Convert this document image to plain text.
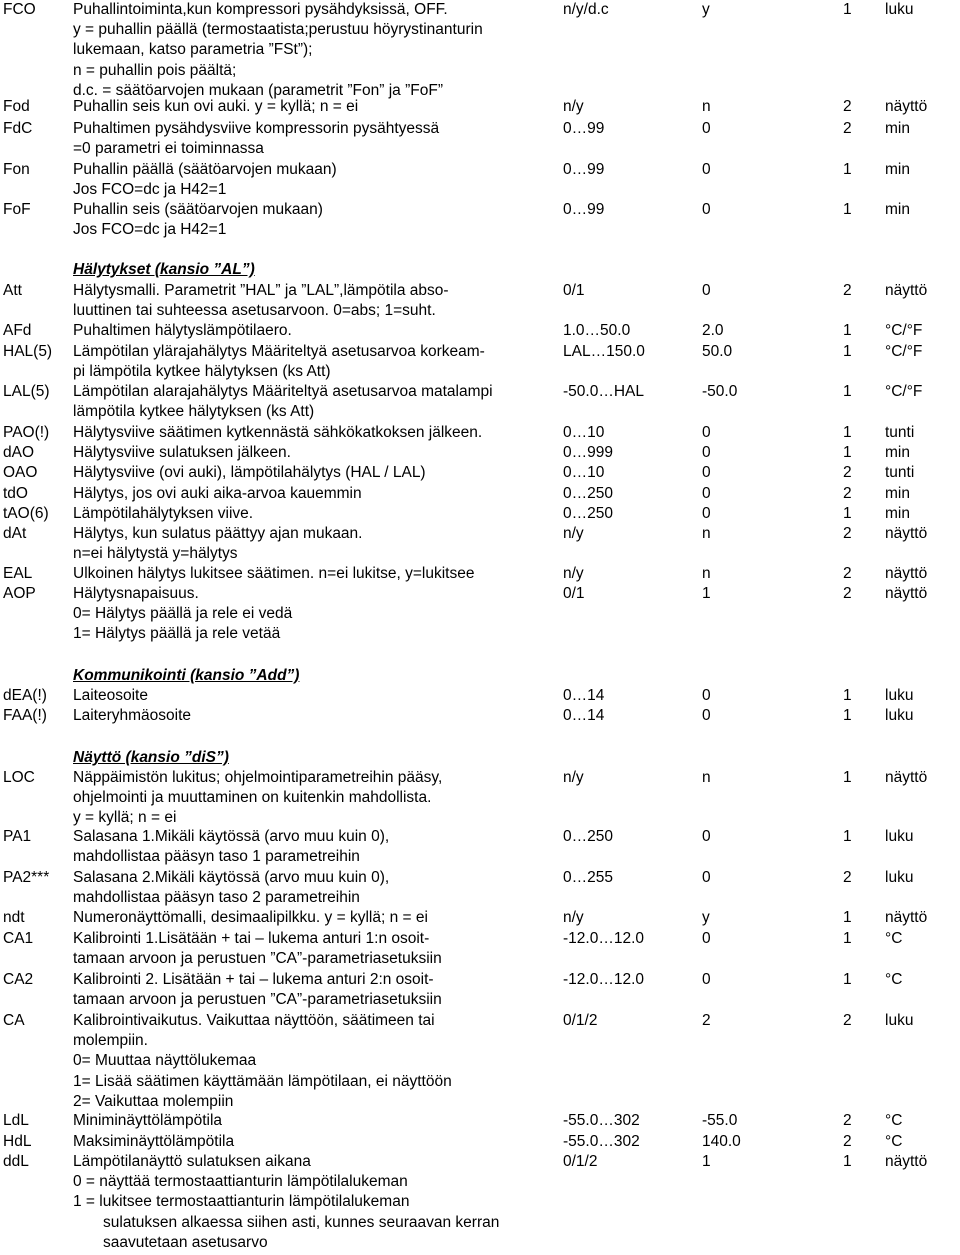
FCO Puhallintoiminta,kun kompressori pysähdyksissä, OFF.
y = puhallin päällä (termostaatista;perustuu höyrystinanturin
lukemaan, katso parametria ”FSt”);
n = puhallin pois päältä;
d.c. = säätöarvojen mukaan (parametrit ”Fon” ja ”FoF”
n/y/d.c	y	1 luku
Fod	Puhallin seis kun ovi auki. y = kyllä; n = ei	n/y	n	2 näyttö
FdC	Puhaltimen pysähdysviive kompressorin pysähtyessä
=0 parametri ei toiminnassa
0…99	0	2 min
Fon	Puhallin päällä (säätöarvojen mukaan)
Jos FCO=dc ja H42=1
0…99	0	1 min
FoF	Puhallin seis (säätöarvojen mukaan)
Jos FCO=dc ja H42=1
0…99	0	1 min
Att	Hälytysmalli. Parametrit ”HAL” ja ”LAL”,lämpötila abso-
luuttinen tai suhteessa asetusarvoon. 0=abs; 1=suht.
0/1	0	2 näyttö
AFd	Puhaltimen hälytyslämpötilaero.	1.0…50.0	2.0	1 °C/°F
HAL(5) Lämpötilan ylärajahälytys Määriteltyä asetusarvoa korkeam-
pi lämpötila kytkee hälytyksen (ks Att)
LAL…150.0	50.0	1 °C/°F
LAL(5) Lämpötilan alarajahälytys Määriteltyä asetusarvoa matalampi
lämpötila kytkee hälytyksen (ks Att)
-50.0…HAL	-50.0	1 °C/°F
PAO(!) Hälytysviive säätimen kytkennästä sähkökatkoksen jälkeen.	0…10	0	1 tunti
dAO	Hälytysviive sulatuksen jälkeen.	0…999	0	1 min
OAO Hälytysviive (ovi auki), lämpötilahälytys (HAL / LAL)	0…10	0	2 tunti
tdO	Hälytys, jos ovi auki aika-arvoa kauemmin	0…250	0	2 min
tAO(6) Lämpötilahälytyksen viive.	0…250	0	1 min
dAt	Hälytys, kun sulatus päättyy ajan mukaan.
n=ei hälytystä y=hälytys
n/y	n	2 näyttö
EAL	Ulkoinen hälytys lukitsee säätimen. n=ei lukitse, y=lukitsee	n/y	n	2 näyttö
AOP Hälytysnapaisuus.
0= Hälytys päällä ja rele ei vedä
1= Hälytys päällä ja rele vetää
0/1	1	2 näyttö
dEA(!) Laiteosoite	0…14	0	1 luku
FAA(!) Laiteryhmäosoite	0…14	0	1 luku
LOC Näppäimistön lukitus; ohjelmointiparametreihin pääsy,
ohjelmointi ja muuttaminen on kuitenkin mahdollista.
y = kyllä; n = ei
n/y	n	1 näyttö
PA1	Salasana 1.Mikäli käytössä (arvo muu kuin 0),
mahdollistaa pääsyn taso 1 parametreihin
0…250	0	1 luku
PA2*** Salasana 2.Mikäli käytössä (arvo muu kuin 0),
mahdollistaa pääsyn taso 2 parametreihin
0…255	0	2 luku
ndt	Numeronäyttömalli, desimaalipilkku. y = kyllä; n = ei	n/y	y	1 näyttö
CA1	Kalibrointi 1.Lisätään + tai – lukema anturi 1:n osoit-
tamaan arvoon ja perustuen ”CA”-parametriasetuksiin
-12.0…12.0	0	1 °C
CA2	Kalibrointi 2. Lisätään + tai – lukema anturi 2:n osoit-
tamaan arvoon ja perustuen ”CA”-parametriasetuksiin
-12.0…12.0	0	1 °C
CA	Kalibrointivaikutus. Vaikuttaa näyttöön, säätimeen tai
molempiin.
0= Muuttaa näyttölukemaa
1= Lisää säätimen käyttämään lämpötilaan, ei näyttöön
2= Vaikuttaa molempiin
0/1/2	2	2 luku
LdL	Miniminäyttölämpötila	-55.0…302	-55.0	2 °C
HdL	Maksiminäyttölämpötila	-55.0…302	140.0	2 °C
ddL	Lämpötilanäyttö sulatuksen aikana
0 = näyttää termostaattianturin lämpötilalukeman
1 = lukitsee termostaattianturin lämpötilalukeman
sulatuksen alkaessa siihen asti, kunnes seuraavan kerran
saavutetaan asetusarvo
0/1/2	1	1 näyttö
Hälytykset (kansio ”AL”)
Kommunikointi (kansio ”Add”)
Näyttö (kansio ”diS”)
